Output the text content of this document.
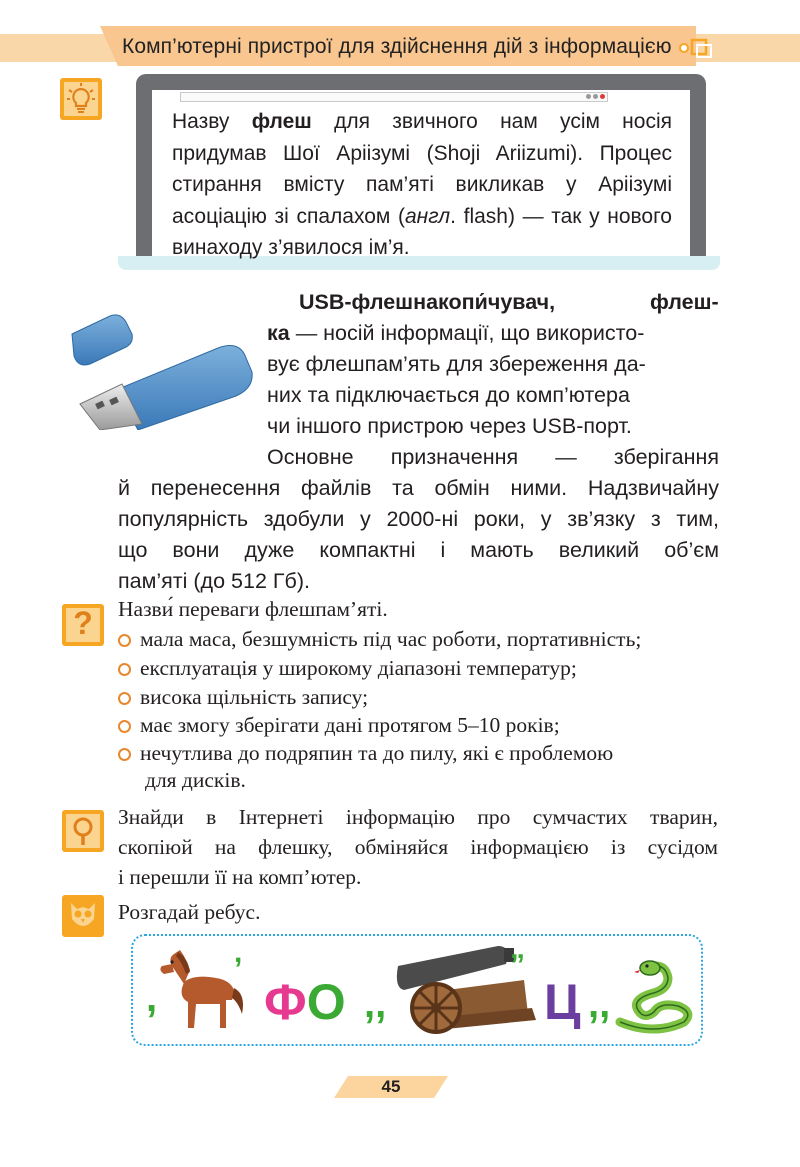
Комп’ютерні пристрої для здійснення дій з інформацією
Назву флеш для звичного нам усім носія придумав Шої Аріізумі (Shoji Ariizumi). Процес стирання вмісту пам’яті викликав у Аріізумі асоціацію зі спалахом (англ. flash) — так у нового винаходу з’явилося ім’я.
USB-флешнакопи́чувач,	флеш-
ка — носій інформації, що використо-
вує флешпам’ять для збереження да-
них та підключається до комп’ютера
чи іншого пристрою через USB-порт.
Основне призначення — зберігання
й перенесення файлів та обмін ними. Надзвичайну
популярність здобули у 2000-ні роки, у зв’язку з тим,
що вони дуже компактні і мають великий об’єм
пам’яті (до 512 Гб).
?	Назви́ переваги флешпам’яті.
мала маса, безшумність під час роботи, портативність;
експлуатація у широкому діапазоні температур;
висока щільність запису;
має змогу зберігати дані протягом 5–10 років;
нечутлива до подряпин та до пилу, які є проблемою
для дисків.
Знайди в Інтернеті інформацію про сумчастих тварин,
скопіюй на флешку, обміняйся інформацією із сусідом
і перешли її на комп’ютер.
Розгадай ребус.
,
,
ФО ,,
„
Ц ,,
45
